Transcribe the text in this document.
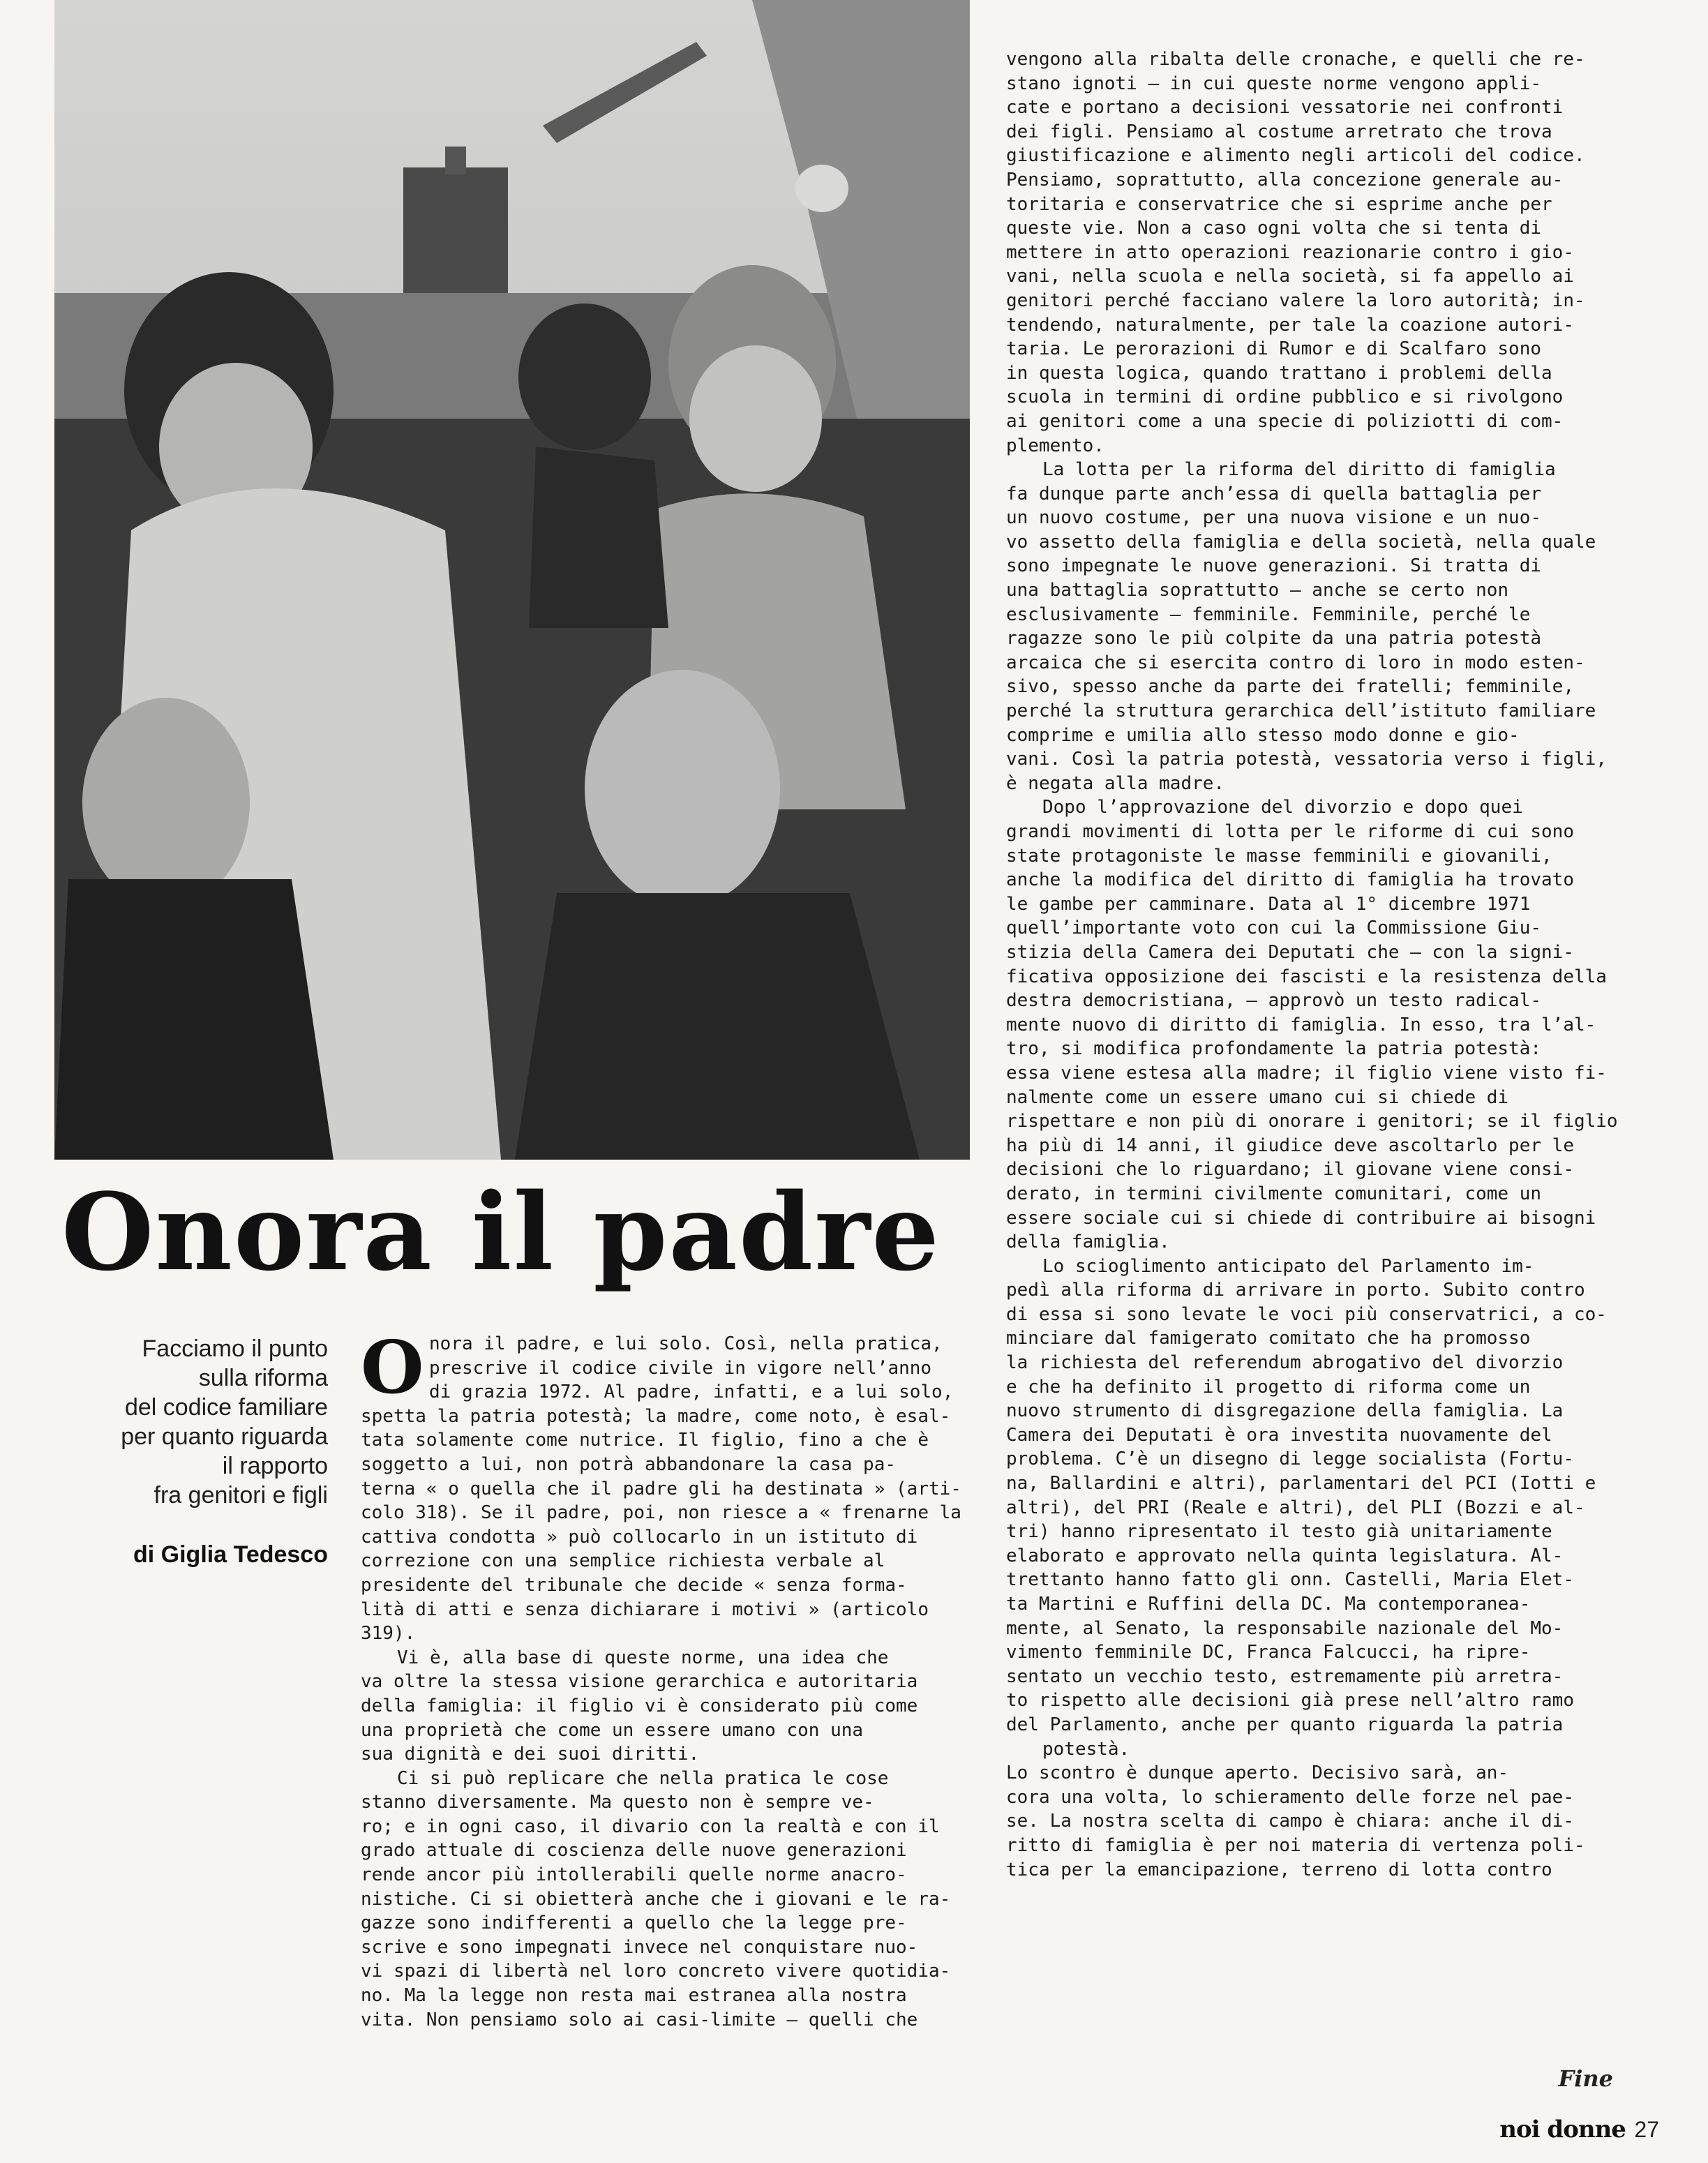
Onora il padre
Facciamo il punto
sulla riforma
del codice familiare
per quanto riguarda
il rapporto
fra genitori e figli
di Giglia Tedesco
O nora il padre, e lui solo. Così, nella pratica,
prescrive il codice civile in vigore nell’anno
di grazia 1972. Al padre, infatti, e a lui solo,
spetta la patria potestà; la madre, come noto, è esal-
tata solamente come nutrice. Il figlio, fino a che è
soggetto a lui, non potrà abbandonare la casa pa-
terna « o quella che il padre gli ha destinata » (arti-
colo 318). Se il padre, poi, non riesce a « frenarne la
cattiva condotta » può collocarlo in un istituto di
correzione con una semplice richiesta verbale al
presidente del tribunale che decide « senza forma-
lità di atti e senza dichiarare i motivi » (articolo
319).
Vi è, alla base di queste norme, una idea che
va oltre la stessa visione gerarchica e autoritaria
della famiglia: il figlio vi è considerato più come
una proprietà che come un essere umano con una
sua dignità e dei suoi diritti.
Ci si può replicare che nella pratica le cose
stanno diversamente. Ma questo non è sempre ve-
ro; e in ogni caso, il divario con la realtà e con il
grado attuale di coscienza delle nuove generazioni
rende ancor più intollerabili quelle norme anacro-
nistiche. Ci si obietterà anche che i giovani e le ra-
gazze sono indifferenti a quello che la legge pre-
scrive e sono impegnati invece nel conquistare nuo-
vi spazi di libertà nel loro concreto vivere quotidia-
no. Ma la legge non resta mai estranea alla nostra
vita. Non pensiamo solo ai casi-limite — quelli che
vengono alla ribalta delle cronache, e quelli che re-
stano ignoti — in cui queste norme vengono appli-
cate e portano a decisioni vessatorie nei confronti
dei figli. Pensiamo al costume arretrato che trova
giustificazione e alimento negli articoli del codice.
Pensiamo, soprattutto, alla concezione generale au-
toritaria e conservatrice che si esprime anche per
queste vie. Non a caso ogni volta che si tenta di
mettere in atto operazioni reazionarie contro i gio-
vani, nella scuola e nella società, si fa appello ai
genitori perché facciano valere la loro autorità; in-
tendendo, naturalmente, per tale la coazione autori-
taria. Le perorazioni di Rumor e di Scalfaro sono
in questa logica, quando trattano i problemi della
scuola in termini di ordine pubblico e si rivolgono
ai genitori come a una specie di poliziotti di com-
plemento.
La lotta per la riforma del diritto di famiglia
fa dunque parte anch’essa di quella battaglia per
un nuovo costume, per una nuova visione e un nuo-
vo assetto della famiglia e della società, nella quale
sono impegnate le nuove generazioni. Si tratta di
una battaglia soprattutto — anche se certo non
esclusivamente — femminile. Femminile, perché le
ragazze sono le più colpite da una patria potestà
arcaica che si esercita contro di loro in modo esten-
sivo, spesso anche da parte dei fratelli; femminile,
perché la struttura gerarchica dell’istituto familiare
comprime e umilia allo stesso modo donne e gio-
vani. Così la patria potestà, vessatoria verso i figli,
è negata alla madre.
Dopo l’approvazione del divorzio e dopo quei
grandi movimenti di lotta per le riforme di cui sono
state protagoniste le masse femminili e giovanili,
anche la modifica del diritto di famiglia ha trovato
le gambe per camminare. Data al 1° dicembre 1971
quell’importante voto con cui la Commissione Giu-
stizia della Camera dei Deputati che — con la signi-
ficativa opposizione dei fascisti e la resistenza della
destra democristiana, — approvò un testo radical-
mente nuovo di diritto di famiglia. In esso, tra l’al-
tro, si modifica profondamente la patria potestà:
essa viene estesa alla madre; il figlio viene visto fi-
nalmente come un essere umano cui si chiede di
rispettare e non più di onorare i genitori; se il figlio
ha più di 14 anni, il giudice deve ascoltarlo per le
decisioni che lo riguardano; il giovane viene consi-
derato, in termini civilmente comunitari, come un
essere sociale cui si chiede di contribuire ai bisogni
della famiglia.
Lo scioglimento anticipato del Parlamento im-
pedì alla riforma di arrivare in porto. Subito contro
di essa si sono levate le voci più conservatrici, a co-
minciare dal famigerato comitato che ha promosso
la richiesta del referendum abrogativo del divorzio
e che ha definito il progetto di riforma come un
nuovo strumento di disgregazione della famiglia. La
Camera dei Deputati è ora investita nuovamente del
problema. C’è un disegno di legge socialista (Fortu-
na, Ballardini e altri), parlamentari del PCI (Iotti e
altri), del PRI (Reale e altri), del PLI (Bozzi e al-
tri) hanno ripresentato il testo già unitariamente
elaborato e approvato nella quinta legislatura. Al-
trettanto hanno fatto gli onn. Castelli, Maria Elet-
ta Martini e Ruffini della DC. Ma contemporanea-
mente, al Senato, la responsabile nazionale del Mo-
vimento femminile DC, Franca Falcucci, ha ripre-
sentato un vecchio testo, estremamente più arretra-
to rispetto alle decisioni già prese nell’altro ramo
del Parlamento, anche per quanto riguarda la patria
potestà.
Lo scontro è dunque aperto. Decisivo sarà, an-
cora una volta, lo schieramento delle forze nel pae-
se. La nostra scelta di campo è chiara: anche il di-
ritto di famiglia è per noi materia di vertenza poli-
tica per la emancipazione, terreno di lotta contro
Fine
noi donne 27
